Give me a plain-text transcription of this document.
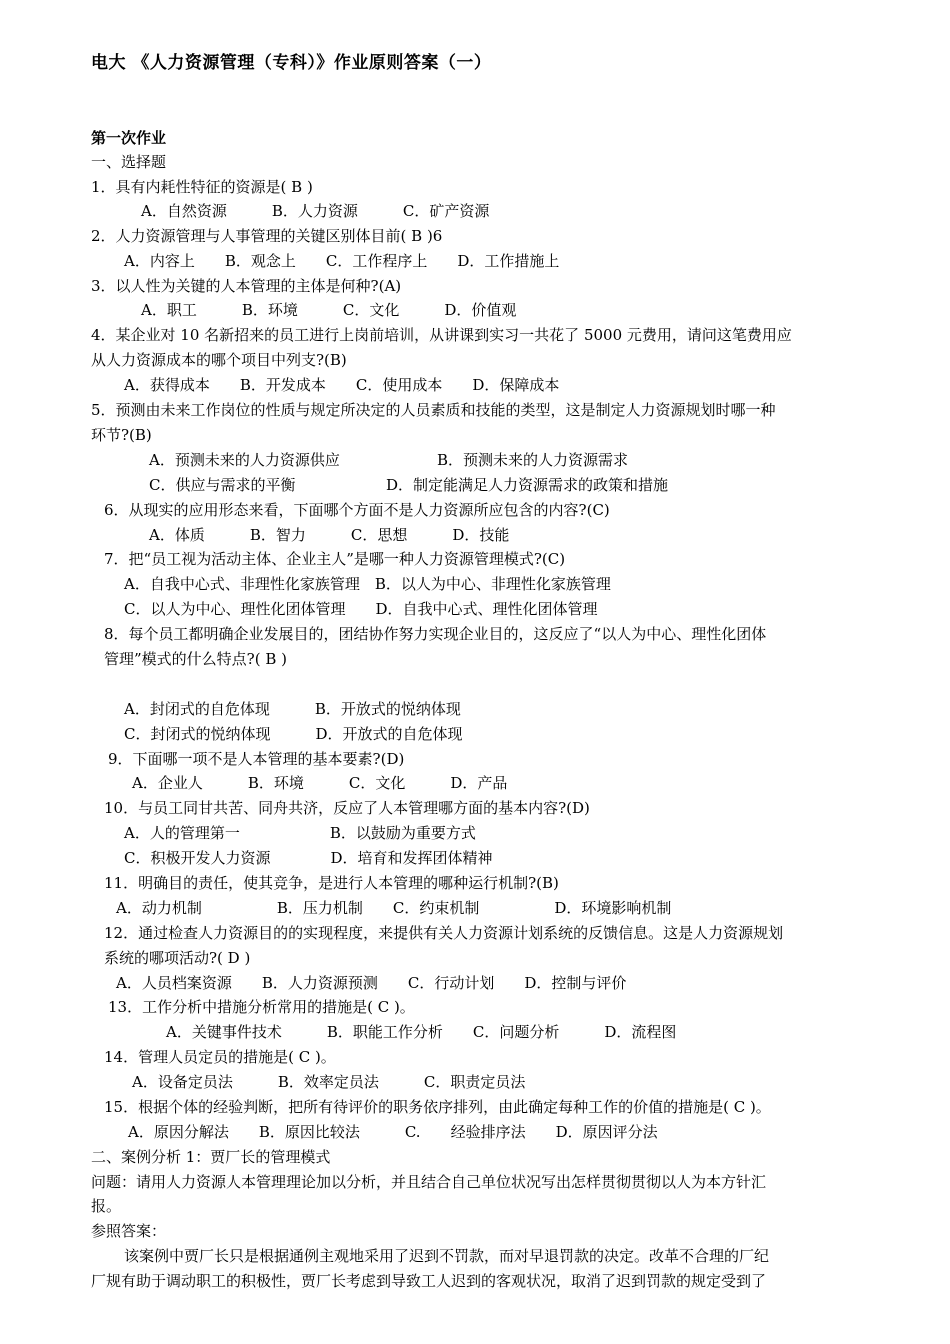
电大 《人力资源管理（专科）》作业原则答案（一）
第一次作业
一、选择题
1．具有内耗性特征的资源是( B )
A．自然资源　　　B．人力资源　　　C．矿产资源
2．人力资源管理与人事管理的关键区别体目前( B )6
A．内容上　　B．观念上　　C．工作程序上　　D．工作措施上
3．以人性为关键的人本管理的主体是何种?(A)
A．职工　　　B．环境　　　C．文化　　　D．价值观
4．某企业对 10 名新招来的员工进行上岗前培训，从讲课到实习一共花了 5000 元费用，请问这笔费用应
从人力资源成本的哪个项目中列支?(B)
A．获得成本　　B．开发成本　　C．使用成本　　D．保障成本
5．预测由未来工作岗位的性质与规定所决定的人员素质和技能的类型，这是制定人力资源规划时哪一种
环节?(B)
A．预测未来的人力资源供应	B．预测未来的人力资源需求
C．供应与需求的平衡	D．制定能满足人力资源需求的政策和措施
6．从现实的应用形态来看，下面哪个方面不是人力资源所应包含的内容?(C)
A．体质　　　B．智力　　　C．思想　　　D．技能
7．把“员工视为活动主体、企业主人”是哪一种人力资源管理模式?(C)
A．自我中心式、非理性化家族管理　B．以人为中心、非理性化家族管理
C．以人为中心、理性化团体管理　　D．自我中心式、理性化团体管理
8．每个员工都明确企业发展目的，团结协作努力实现企业目的，这反应了“以人为中心、理性化团体
管理”模式的什么特点?( B )
A．封闭式的自危体现　　　B．开放式的悦纳体现
C．封闭式的悦纳体现　　　D．开放式的自危体现
9．下面哪一项不是人本管理的基本要素?(D)
A．企业人　　　B．环境　　　C．文化　　　D．产品
10．与员工同甘共苦、同舟共济，反应了人本管理哪方面的基本内容?(D)
A．人的管理第一　　　　　　B．以鼓励为重要方式
C．积极开发人力资源　　　　D．培育和发挥团体精神
11．明确目的责任，使其竞争，是进行人本管理的哪种运行机制?(B)
A．动力机制　　　　　B．压力机制　　C．约束机制　　　　　D．环境影响机制
12．通过检查人力资源目的的实现程度，来提供有关人力资源计划系统的反馈信息。这是人力资源规划
系统的哪项活动?( D )
A．人员档案资源　　B．人力资源预测　　C．行动计划　　D．控制与评价
13．工作分析中措施分析常用的措施是( C )。
A．关键事件技术　　　B．职能工作分析　　C．问题分析　　　D．流程图
14．管理人员定员的措施是( C )。
A．设备定员法　　　B．效率定员法　　　C．职责定员法
15．根据个体的经验判断，把所有待评价的职务依序排列，由此确定每种工作的价值的措施是( C )。
A．原因分解法　　B．原因比较法　　　C.　　经验排序法　　D．原因评分法
二、案例分析 1：贾厂长的管理模式
问题：请用人力资源人本管理理论加以分析，并且结合自己单位状况写出怎样贯彻贯彻以人为本方针汇
报。
参照答案：
该案例中贾厂长只是根据通例主观地采用了迟到不罚款，而对早退罚款的决定。改革不合理的厂纪
厂规有助于调动职工的积极性，贾厂长考虑到导致工人迟到的客观状况，取消了迟到罚款的规定受到了
